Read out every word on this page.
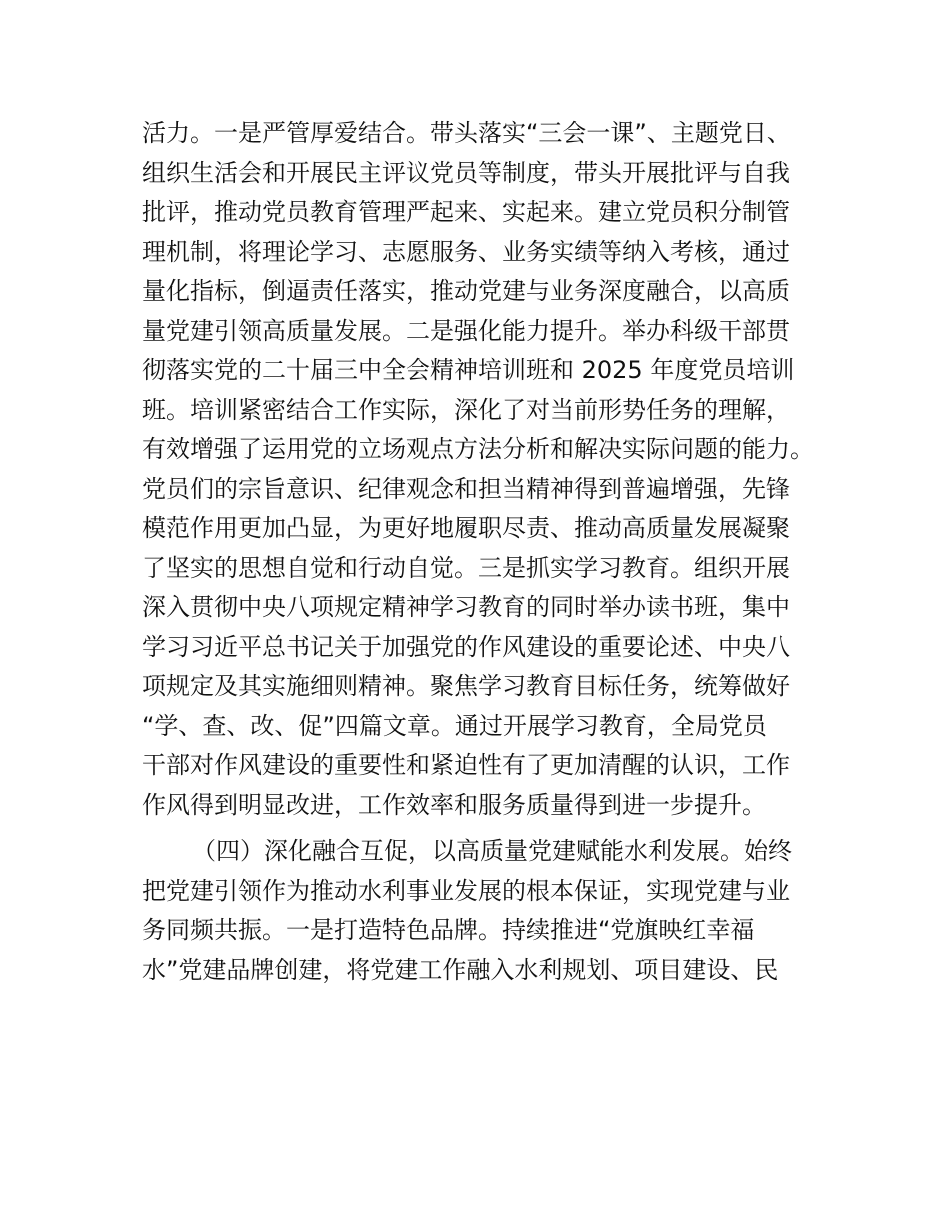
活力。一是严管厚爱结合。带头落实“三会一课”、主题党日、
组织生活会和开展民主评议党员等制度，带头开展批评与自我
批评，推动党员教育管理严起来、实起来。建立党员积分制管
理机制，将理论学习、志愿服务、业务实绩等纳入考核，通过
量化指标，倒逼责任落实，推动党建与业务深度融合，以高质
量党建引领高质量发展。二是强化能力提升。举办科级干部贯
彻落实党的二十届三中全会精神培训班和 2025 年度党员培训
班。培训紧密结合工作实际，深化了对当前形势任务的理解，
有效增强了运用党的立场观点方法分析和解决实际问题的能力。
党员们的宗旨意识、纪律观念和担当精神得到普遍增强，先锋
模范作用更加凸显，为更好地履职尽责、推动高质量发展凝聚
了坚实的思想自觉和行动自觉。三是抓实学习教育。组织开展
深入贯彻中央八项规定精神学习教育的同时举办读书班，集中
学习习近平总书记关于加强党的作风建设的重要论述、中央八
项规定及其实施细则精神。聚焦学习教育目标任务，统筹做好
“学、查、改、促”四篇文章。通过开展学习教育，全局党员
干部对作风建设的重要性和紧迫性有了更加清醒的认识，工作
作风得到明显改进，工作效率和服务质量得到进一步提升。
（四）深化融合互促，以高质量党建赋能水利发展。始终
把党建引领作为推动水利事业发展的根本保证，实现党建与业
务同频共振。一是打造特色品牌。持续推进“党旗映红幸福
水”党建品牌创建，将党建工作融入水利规划、项目建设、民
